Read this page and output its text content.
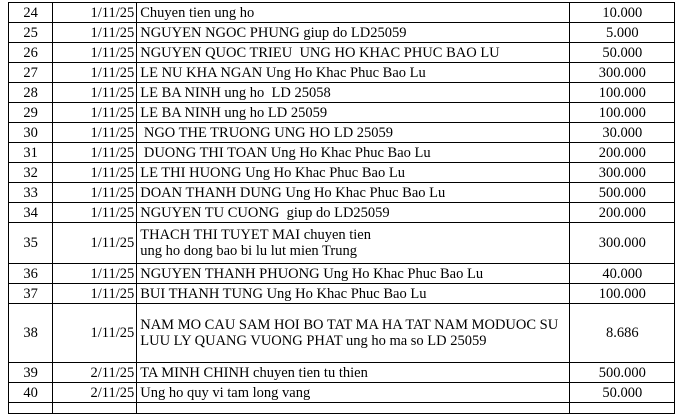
24	1/11/25	Chuyen tien ung ho	10.000	
25	1/11/25	NGUYEN NGOC PHUNG giup do LD25059	5.000	
26	1/11/25	NGUYEN QUOC TRIEU  UNG HO KHAC PHUC BAO LU	50.000	
27	1/11/25	LE NU KHA NGAN Ung Ho Khac Phuc Bao Lu	300.000	
28	1/11/25	LE BA NINH ung ho  LD 25058	100.000	
29	1/11/25	LE BA NINH ung ho LD 25059	100.000	
30	1/11/25	NGO THE TRUONG UNG HO LD 25059	30.000	
31	1/11/25	DUONG THI TOAN Ung Ho Khac Phuc Bao Lu	200.000	
32	1/11/25	LE THI HUONG Ung Ho Khac Phuc Bao Lu	300.000	
33	1/11/25	DOAN THANH DUNG Ung Ho Khac Phuc Bao Lu	500.000	
34	1/11/25	NGUYEN TU CUONG  giup do LD25059	200.000	
35	1/11/25	THACH THI TUYET MAI chuyen tien
ung ho dong bao bi lu lut mien Trung	300.000	
36	1/11/25	NGUYEN THANH PHUONG Ung Ho Khac Phuc Bao Lu	40.000	
37	1/11/25	BUI THANH TUNG Ung Ho Khac Phuc Bao Lu	100.000	
38	1/11/25	NAM MO CAU SAM HOI BO TAT MA HA TAT NAM MODUOC SU
LUU LY QUANG VUONG PHAT ung ho ma so LD 25059	8.686	
39	2/11/25	TA MINH CHINH chuyen tien tu thien	500.000	
40	2/11/25	Ung ho quy vi tam long vang	50.000	
